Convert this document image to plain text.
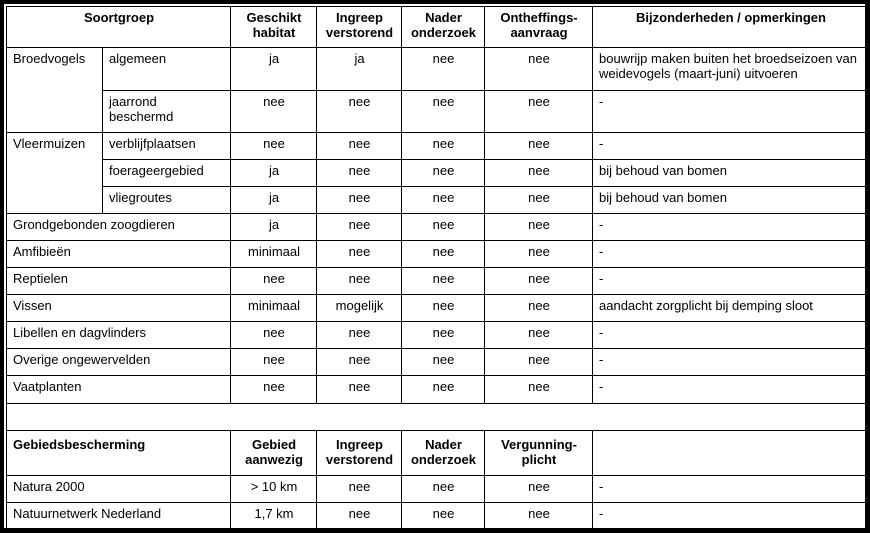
Soortgroep		Geschikt habitat	Ingreep verstorend	Nader onderzoek	Ontheffings-aanvraag	Bijzonderheden / opmerkingen
Broedvogels	algemeen	ja	ja	nee	nee	bouwrijp maken buiten het broedseizoen van weidevogels (maart-juni) uitvoeren
	jaarrond beschermd	nee	nee	nee	nee	-
Vleermuizen	verblijfplaatsen	nee	nee	nee	nee	-
	foerageergebied	ja	nee	nee	nee	bij behoud van bomen
	vliegroutes	ja	nee	nee	nee	bij behoud van bomen
Grondgebonden zoogdieren		ja	nee	nee	nee	-
Amfibieën		minimaal	nee	nee	nee	-
Reptielen		nee	nee	nee	nee	-
Vissen		minimaal	mogelijk	nee	nee	aandacht zorgplicht bij demping sloot
Libellen en dagvlinders		nee	nee	nee	nee	-
Overige ongewervelden		nee	nee	nee	nee	-
Vaatplanten		nee	nee	nee	nee	-

Gebiedsbescherming		Gebied aanwezig	Ingreep verstorend	Nader onderzoek	Vergunning-plicht	
Natura 2000		> 10 km	nee	nee	nee	-
Natuurnetwerk Nederland		1,7 km	nee	nee	nee	-
